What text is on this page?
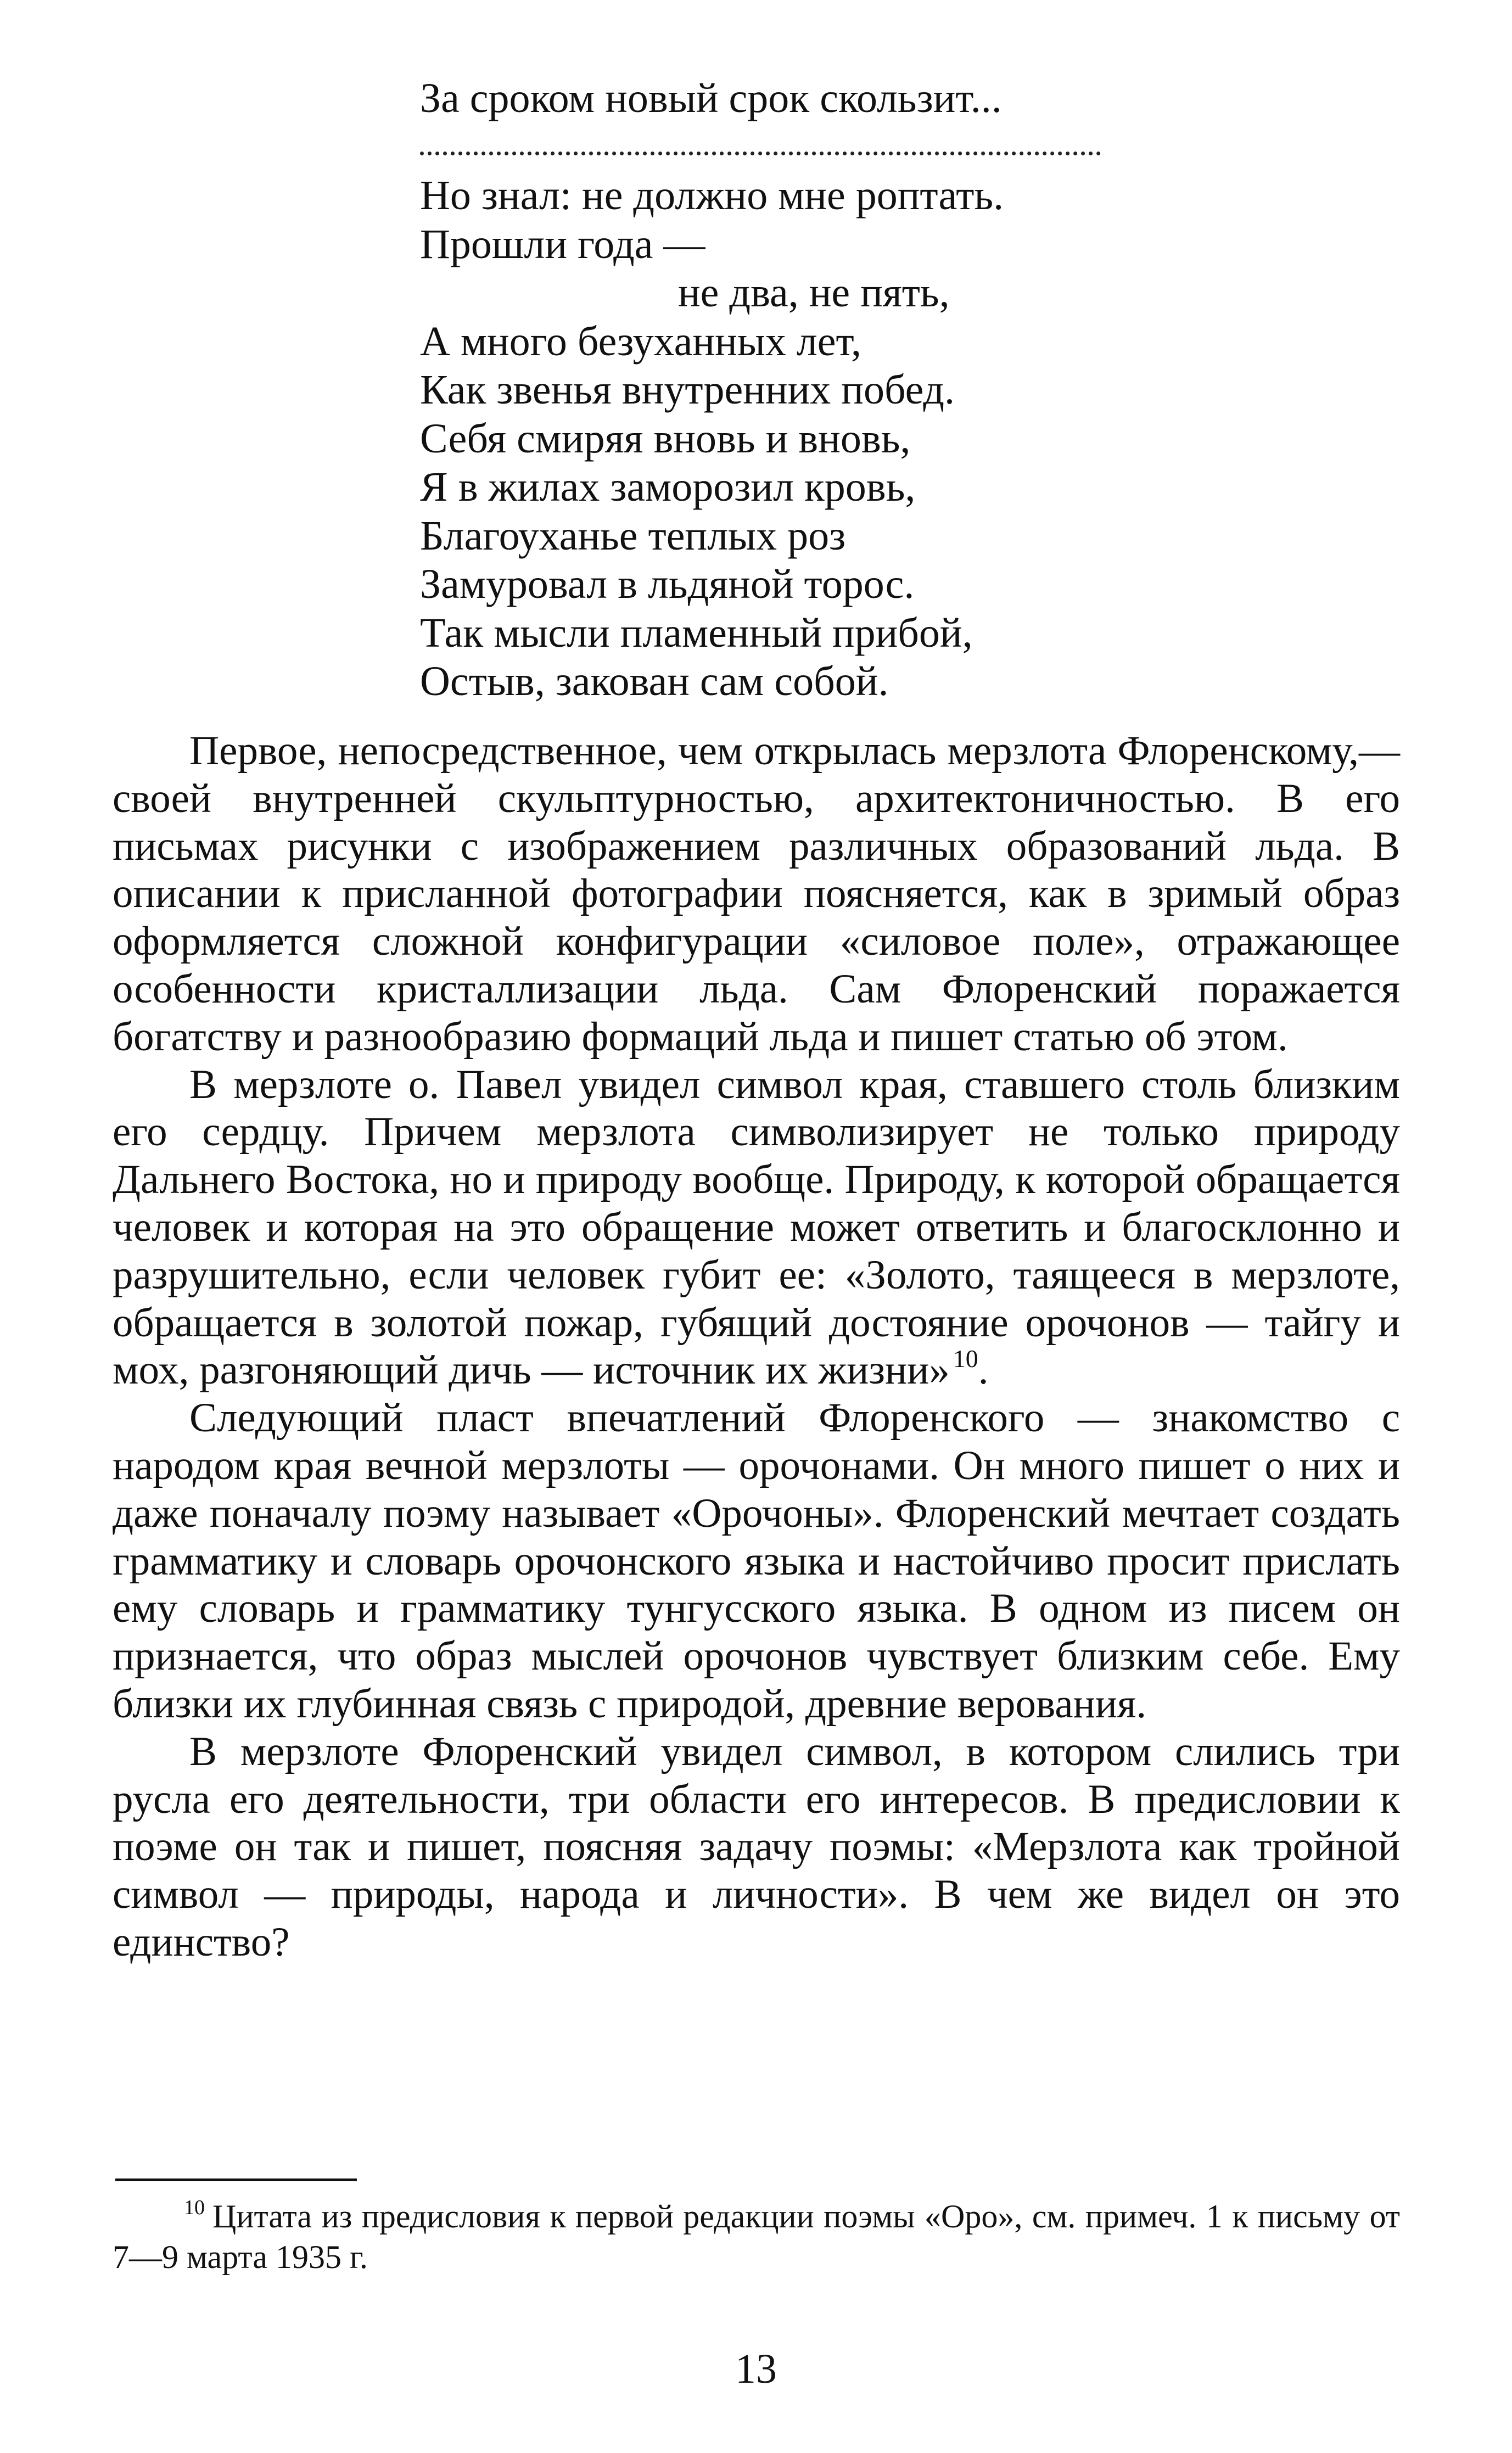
За сроком новый срок скользит...
Но знал: не должно мне роптать.
Прошли года —
не два, не пять,
А много безуханных лет,
Как звенья внутренних побед.
Себя смиряя вновь и вновь,
Я в жилах заморозил кровь,
Благоуханье теплых роз
Замуровал в льдяной торос.
Так мысли пламенный прибой,
Остыв, закован сам собой.

Первое, непосредственное, чем открылась мерзлота Флоренскому,— своей внутренней скульптурностью, архитектоничностью. В его письмах рисунки с изображением различных образований льда. В описании к присланной фотографии поясняется, как в зримый образ оформляется сложной конфигурации «силовое поле», отражающее особенности кристаллизации льда. Сам Флоренский поражается богатству и разнообразию формаций льда и пишет статью об этом.

В мерзлоте о. Павел увидел символ края, ставшего столь близким его сердцу. Причем мерзлота символизирует не только природу Дальнего Востока, но и природу вообще. Природу, к которой обращается человек и которая на это обращение может ответить и благосклонно и разрушительно, если человек губит ее: «Золото, таящееся в мерзлоте, обращается в золотой пожар, губящий достояние орочонов — тайгу и мох, разгоняющий дичь — источник их жизни» $^{10}$.

Следующий пласт впечатлений Флоренского — знакомство с народом края вечной мерзлоты — орочонами. Он много пишет о них и даже поначалу поэму называет «Орочоны». Флоренский мечтает создать грамматику и словарь орочонского языка и настойчиво просит прислать ему словарь и грамматику тунгусского языка. В одном из писем он признается, что образ мыслей орочонов чувствует близким себе. Ему близки их глубинная связь с природой, древние верования.

В мерзлоте Флоренский увидел символ, в котором слились три русла его деятельности, три области его интересов. В предисловии к поэме он так и пишет, поясняя задачу поэмы: «Мерзлота как тройной символ — природы, народа и личности». В чем же видел он это единство?

$^{10}$ Цитата из предисловия к первой редакции поэмы «Оро», см. примеч. 1 к письму от 7—9 марта 1935 г.

13
